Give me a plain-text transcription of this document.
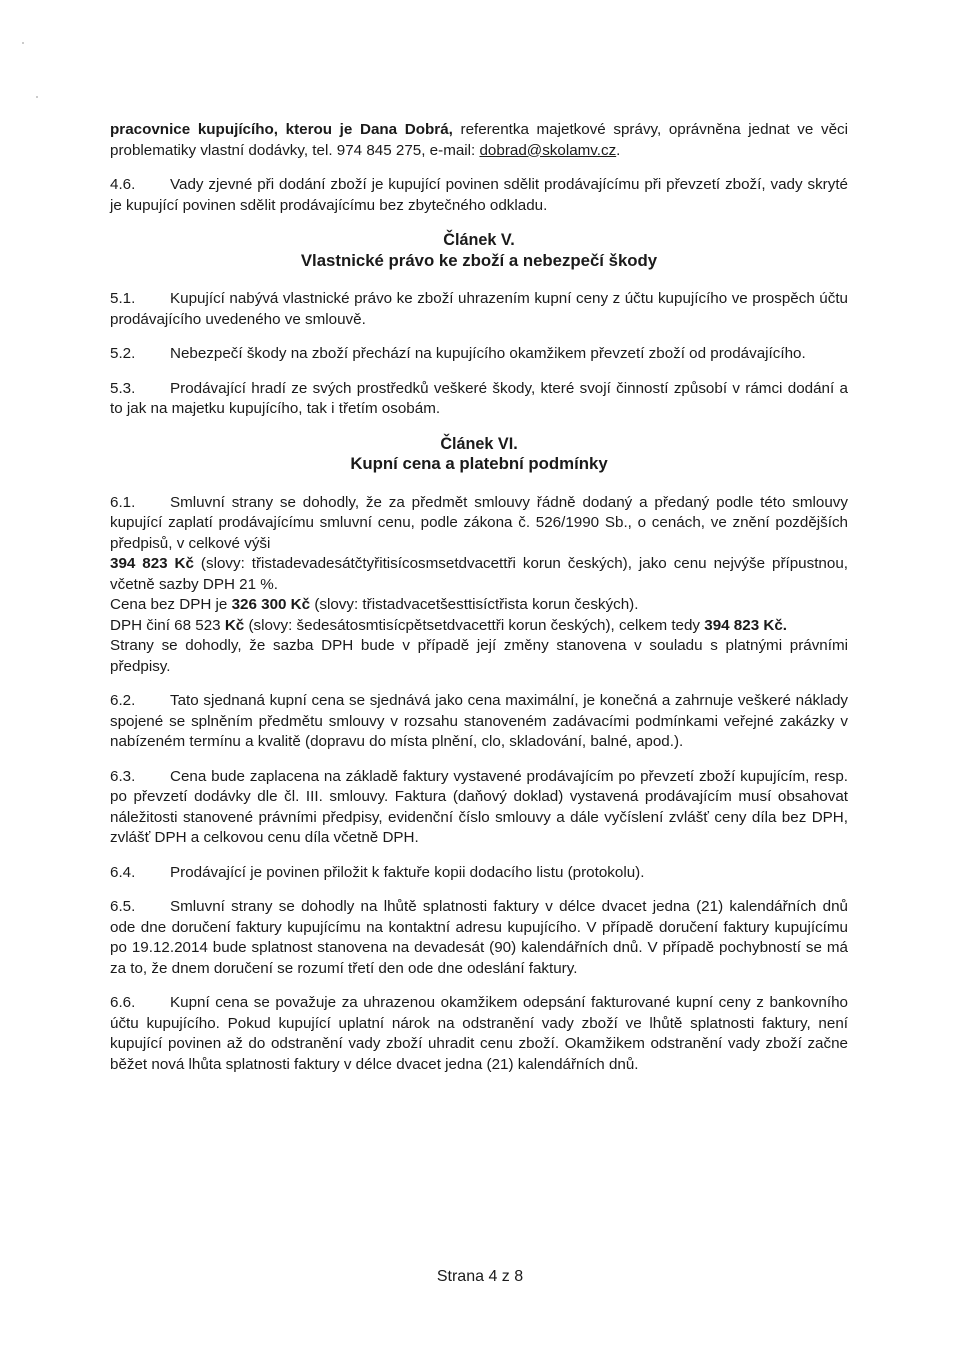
pracovnice kupujícího, kterou je Dana Dobrá, referentka majetkové správy, oprávněna jednat ve věci problematiky vlastní dodávky, tel. 974 845 275, e-mail: dobrad@skolamv.cz.

4.6. Vady zjevné při dodání zboží je kupující povinen sdělit prodávajícímu při převzetí zboží, vady skryté je kupující povinen sdělit prodávajícímu bez zbytečného odkladu.

Článek V.

Vlastnické právo ke zboží a nebezpečí škody

5.1. Kupující nabývá vlastnické právo ke zboží uhrazením kupní ceny z účtu kupujícího ve prospěch účtu prodávajícího uvedeného ve smlouvě.

5.2. Nebezpečí škody na zboží přechází na kupujícího okamžikem převzetí zboží od prodávajícího.

5.3. Prodávající hradí ze svých prostředků veškeré škody, které svojí činností způsobí v rámci dodání a to jak na majetku kupujícího, tak i třetím osobám.

Článek VI.

Kupní cena a platební podmínky

6.1. Smluvní strany se dohodly, že za předmět smlouvy řádně dodaný a předaný podle této smlouvy kupující zaplatí prodávajícímu smluvní cenu, podle zákona č. 526/1990 Sb., o cenách, ve znění pozdějších předpisů, v celkové výši

394 823 Kč (slovy: třistadevadesátčtyřitisícosmsetdvacettři korun českých), jako cenu nejvýše přípustnou, včetně sazby DPH 21 %.

Cena bez DPH je 326 300 Kč (slovy: třistadvacetšesttisíctřista korun českých).

DPH činí 68 523 Kč (slovy: šedesátosmtisícpětsetdvacettři korun českých), celkem tedy 394 823 Kč.

Strany se dohodly, že sazba DPH bude v případě její změny stanovena v souladu s platnými právními předpisy.

6.2. Tato sjednaná kupní cena se sjednává jako cena maximální, je konečná a zahrnuje veškeré náklady spojené se splněním předmětu smlouvy v rozsahu stanoveném zadávacími podmínkami veřejné zakázky v nabízeném termínu a kvalitě (dopravu do místa plnění, clo, skladování, balné, apod.).

6.3. Cena bude zaplacena na základě faktury vystavené prodávajícím po převzetí zboží kupujícím, resp. po převzetí dodávky dle čl. III. smlouvy. Faktura (daňový doklad) vystavená prodávajícím musí obsahovat náležitosti stanovené právními předpisy, evidenční číslo smlouvy a dále vyčíslení zvlášť ceny díla bez DPH, zvlášť DPH a celkovou cenu díla včetně DPH.

6.4. Prodávající je povinen přiložit k faktuře kopii dodacího listu (protokolu).

6.5. Smluvní strany se dohodly na lhůtě splatnosti faktury v délce dvacet jedna (21) kalendářních dnů ode dne doručení faktury kupujícímu na kontaktní adresu kupujícího. V případě doručení faktury kupujícímu po 19.12.2014 bude splatnost stanovena na devadesát (90) kalendářních dnů. V případě pochybností se má za to, že dnem doručení se rozumí třetí den ode dne odeslání faktury.

6.6. Kupní cena se považuje za uhrazenou okamžikem odepsání fakturované kupní ceny z bankovního účtu kupujícího. Pokud kupující uplatní nárok na odstranění vady zboží ve lhůtě splatnosti faktury, není kupující povinen až do odstranění vady zboží uhradit cenu zboží. Okamžikem odstranění vady zboží začne běžet nová lhůta splatnosti faktury v délce dvacet jedna (21) kalendářních dnů.

Strana 4 z 8
